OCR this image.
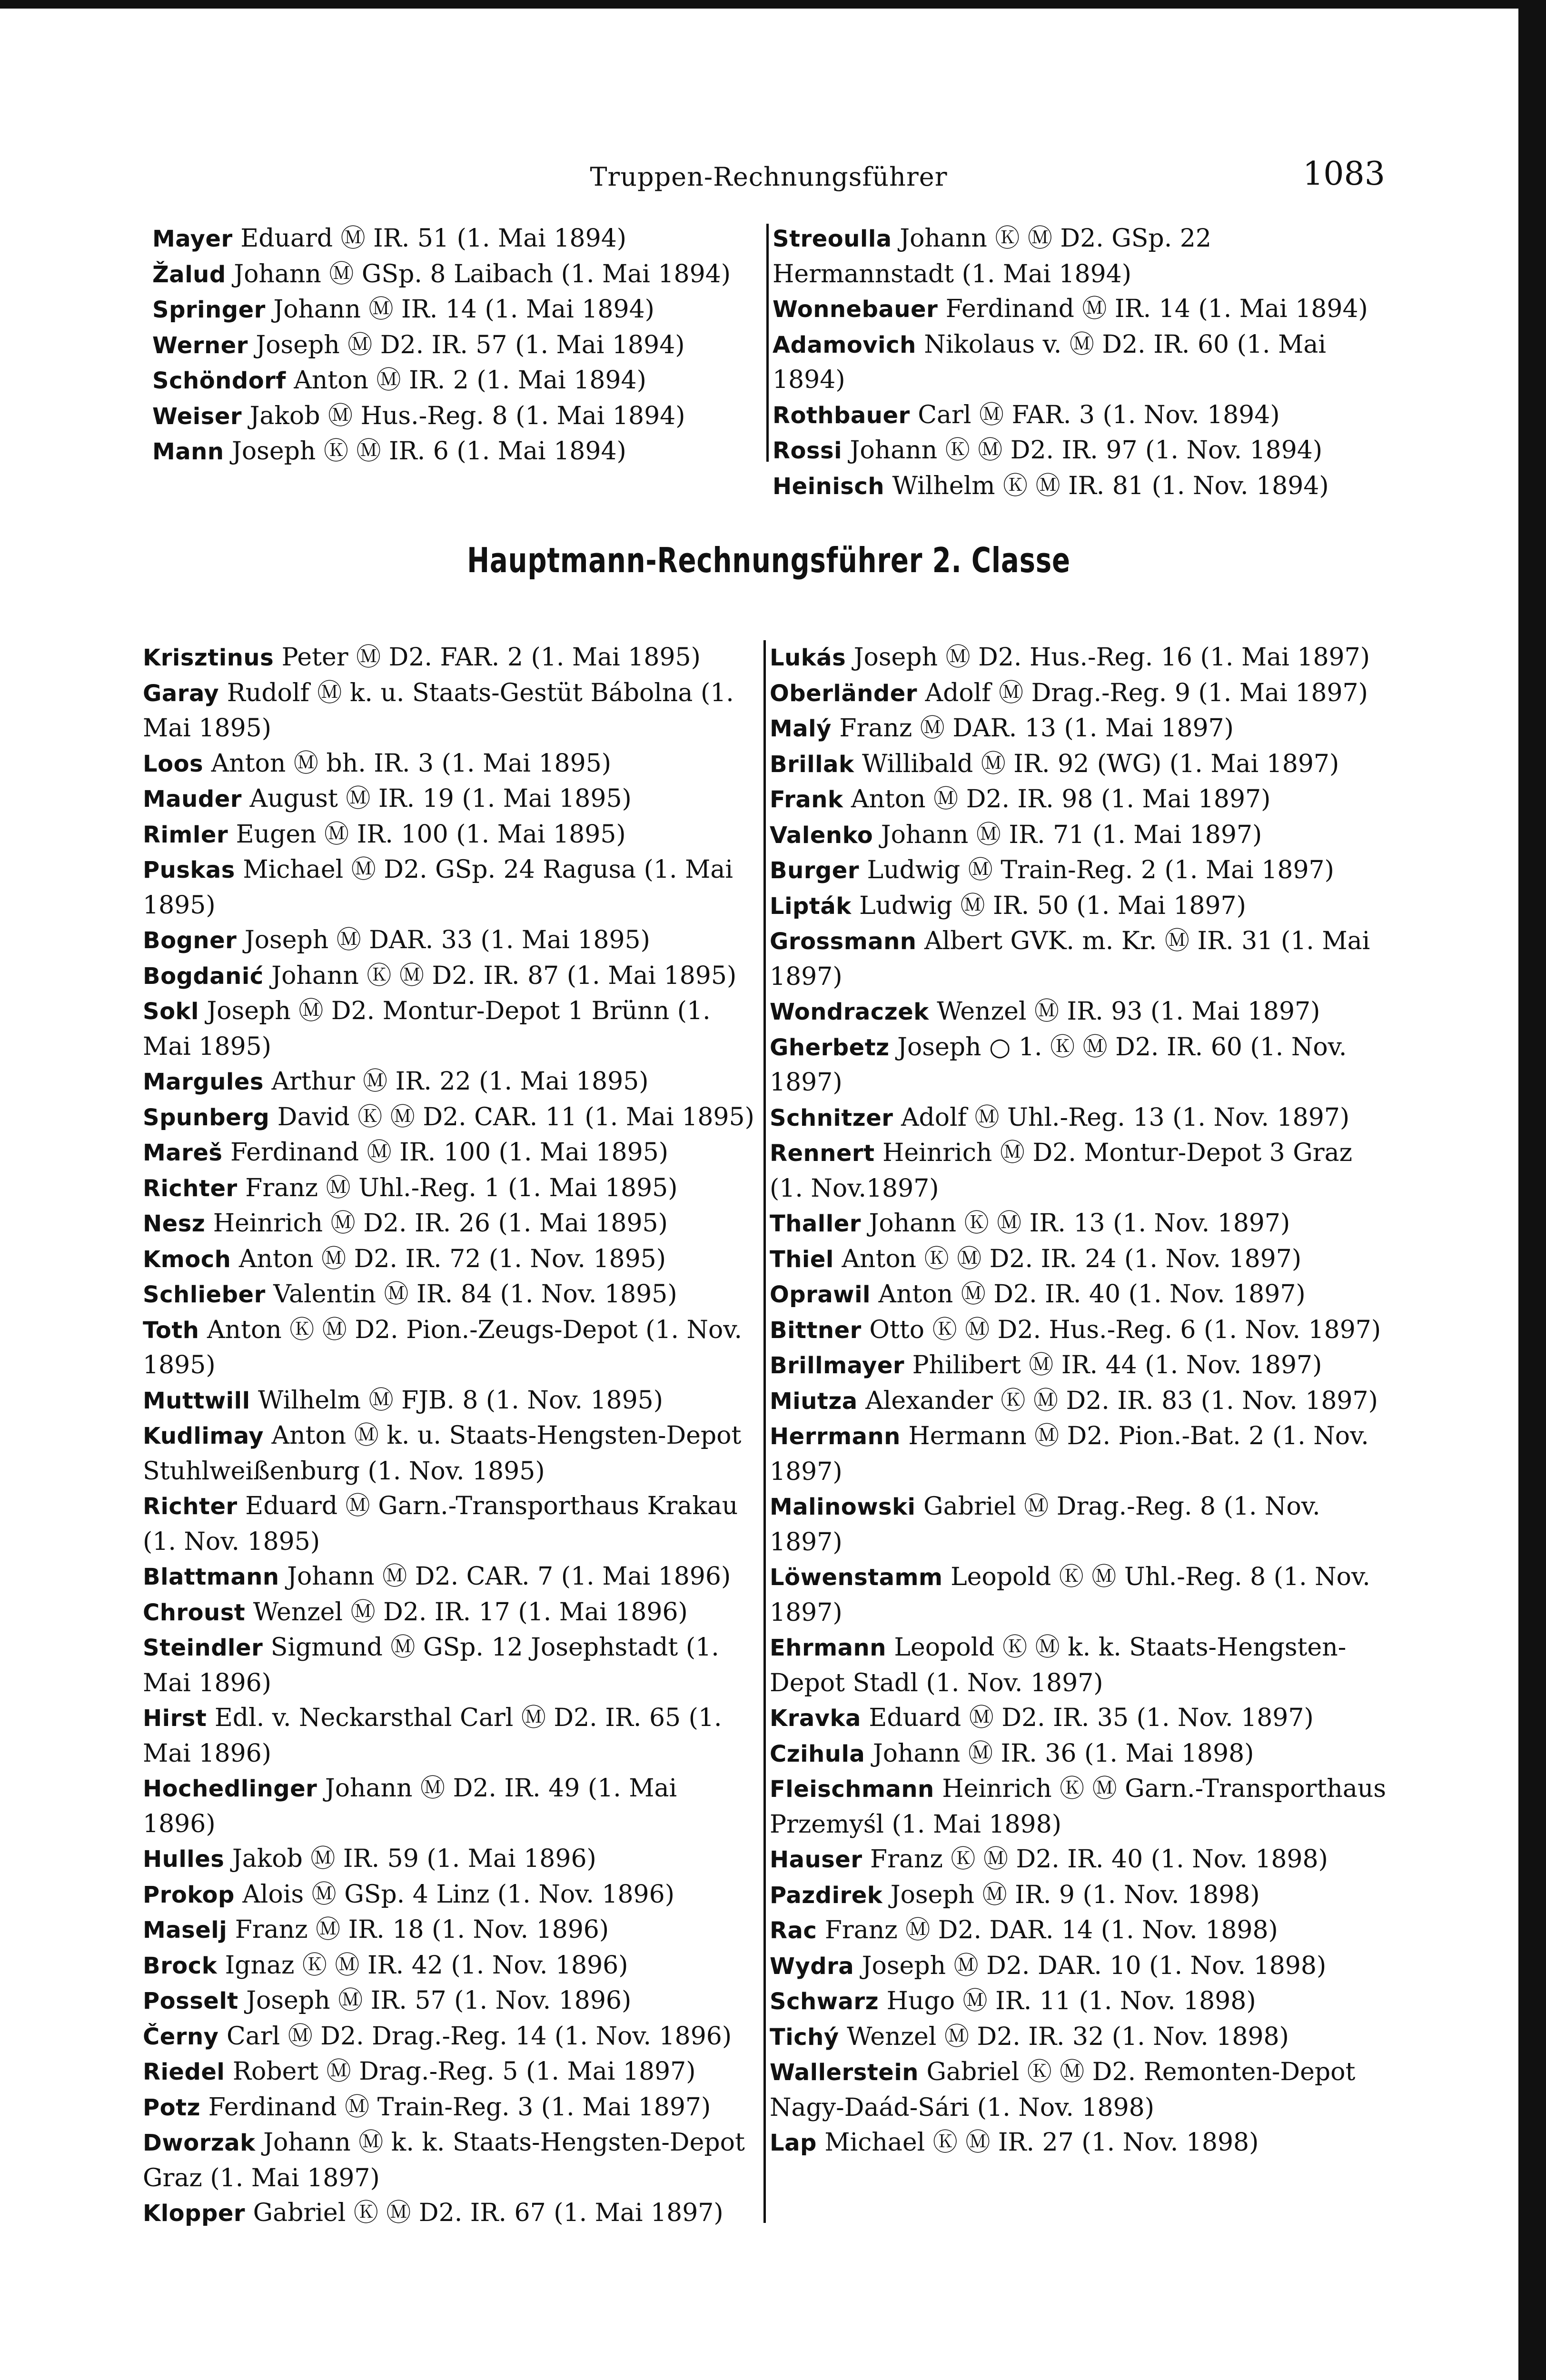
Truppen-Rechnungsführer	1083
Mayer Eduard Ⓜ IR. 51 (1. Mai 1894)
Žalud Johann Ⓜ GSp. 8 Laibach (1. Mai 1894)
Springer Johann Ⓜ IR. 14 (1. Mai 1894)
Werner Joseph Ⓜ D2. IR. 57 (1. Mai 1894)
Schöndorf Anton Ⓜ IR. 2 (1. Mai 1894)
Weiser Jakob Ⓜ Hus.-Reg. 8 (1. Mai 1894)
Mann Joseph Ⓚ Ⓜ IR. 6 (1. Mai 1894)
Streoulla Johann Ⓚ Ⓜ D2. GSp. 22 Hermannstadt (1. Mai 1894)
Wonnebauer Ferdinand Ⓜ IR. 14 (1. Mai 1894)
Adamovich Nikolaus v. Ⓜ D2. IR. 60 (1. Mai 1894)
Rothbauer Carl Ⓜ FAR. 3 (1. Nov. 1894)
Rossi Johann Ⓚ Ⓜ D2. IR. 97 (1. Nov. 1894)
Heinisch Wilhelm Ⓚ Ⓜ IR. 81 (1. Nov. 1894)
Hauptmann-Rechnungsführer 2. Classe
Krisztinus Peter Ⓜ D2. FAR. 2 (1. Mai 1895)
Garay Rudolf Ⓜ k. u. Staats-Gestüt Bábolna (1. Mai 1895)
Loos Anton Ⓜ bh. IR. 3 (1. Mai 1895)
Mauder August Ⓜ IR. 19 (1. Mai 1895)
Rimler Eugen Ⓜ IR. 100 (1. Mai 1895)
Puskas Michael Ⓜ D2. GSp. 24 Ragusa (1. Mai 1895)
Bogner Joseph Ⓜ DAR. 33 (1. Mai 1895)
Bogdanić Johann Ⓚ Ⓜ D2. IR. 87 (1. Mai 1895)
Sokl Joseph Ⓜ D2. Montur-Depot 1 Brünn (1. Mai 1895)
Margules Arthur Ⓜ IR. 22 (1. Mai 1895)
Spunberg David Ⓚ Ⓜ D2. CAR. 11 (1. Mai 1895)
Mareš Ferdinand Ⓜ IR. 100 (1. Mai 1895)
Richter Franz Ⓜ Uhl.-Reg. 1 (1. Mai 1895)
Nesz Heinrich Ⓜ D2. IR. 26 (1. Mai 1895)
Kmoch Anton Ⓜ D2. IR. 72 (1. Nov. 1895)
Schlieber Valentin Ⓜ IR. 84 (1. Nov. 1895)
Toth Anton Ⓚ Ⓜ D2. Pion.-Zeugs-Depot (1. Nov. 1895)
Muttwill Wilhelm Ⓜ FJB. 8 (1. Nov. 1895)
Kudlimay Anton Ⓜ k. u. Staats-Hengsten-Depot Stuhlweißenburg (1. Nov. 1895)
Richter Eduard Ⓜ Garn.-Transporthaus Krakau (1. Nov. 1895)
Blattmann Johann Ⓜ D2. CAR. 7 (1. Mai 1896)
Chroust Wenzel Ⓜ D2. IR. 17 (1. Mai 1896)
Steindler Sigmund Ⓜ GSp. 12 Josephstadt (1. Mai 1896)
Hirst Edl. v. Neckarsthal Carl Ⓜ D2. IR. 65 (1. Mai 1896)
Hochedlinger Johann Ⓜ D2. IR. 49 (1. Mai 1896)
Hulles Jakob Ⓜ IR. 59 (1. Mai 1896)
Prokop Alois Ⓜ GSp. 4 Linz (1. Nov. 1896)
Maselj Franz Ⓜ IR. 18 (1. Nov. 1896)
Brock Ignaz Ⓚ Ⓜ IR. 42 (1. Nov. 1896)
Posselt Joseph Ⓜ IR. 57 (1. Nov. 1896)
Černy Carl Ⓜ D2. Drag.-Reg. 14 (1. Nov. 1896)
Riedel Robert Ⓜ Drag.-Reg. 5 (1. Mai 1897)
Potz Ferdinand Ⓜ Train-Reg. 3 (1. Mai 1897)
Dworzak Johann Ⓜ k. k. Staats-Hengsten-Depot Graz (1. Mai 1897)
Klopper Gabriel Ⓚ Ⓜ D2. IR. 67 (1. Mai 1897)
Lukás Joseph Ⓜ D2. Hus.-Reg. 16 (1. Mai 1897)
Oberländer Adolf Ⓜ Drag.-Reg. 9 (1. Mai 1897)
Malý Franz Ⓜ DAR. 13 (1. Mai 1897)
Brillak Willibald Ⓜ IR. 92 (WG) (1. Mai 1897)
Frank Anton Ⓜ D2. IR. 98 (1. Mai 1897)
Valenko Johann Ⓜ IR. 71 (1. Mai 1897)
Burger Ludwig Ⓜ Train-Reg. 2 (1. Mai 1897)
Lipták Ludwig Ⓜ IR. 50 (1. Mai 1897)
Grossmann Albert GVK. m. Kr. Ⓜ IR. 31 (1. Mai 1897)
Wondraczek Wenzel Ⓜ IR. 93 (1. Mai 1897)
Gherbetz Joseph ○ 1. Ⓚ Ⓜ D2. IR. 60 (1. Nov. 1897)
Schnitzer Adolf Ⓜ Uhl.-Reg. 13 (1. Nov. 1897)
Rennert Heinrich Ⓜ D2. Montur-Depot 3 Graz (1. Nov.1897)
Thaller Johann Ⓚ Ⓜ IR. 13 (1. Nov. 1897)
Thiel Anton Ⓚ Ⓜ D2. IR. 24 (1. Nov. 1897)
Oprawil Anton Ⓜ D2. IR. 40 (1. Nov. 1897)
Bittner Otto Ⓚ Ⓜ D2. Hus.-Reg. 6 (1. Nov. 1897)
Brillmayer Philibert Ⓜ IR. 44 (1. Nov. 1897)
Miutza Alexander Ⓚ Ⓜ D2. IR. 83 (1. Nov. 1897)
Herrmann Hermann Ⓜ D2. Pion.-Bat. 2 (1. Nov. 1897)
Malinowski Gabriel Ⓜ Drag.-Reg. 8 (1. Nov. 1897)
Löwenstamm Leopold Ⓚ Ⓜ Uhl.-Reg. 8 (1. Nov. 1897)
Ehrmann Leopold Ⓚ Ⓜ k. k. Staats-Hengsten-Depot Stadl (1. Nov. 1897)
Kravka Eduard Ⓜ D2. IR. 35 (1. Nov. 1897)
Czihula Johann Ⓜ IR. 36 (1. Mai 1898)
Fleischmann Heinrich Ⓚ Ⓜ Garn.-Transporthaus Przemyśl (1. Mai 1898)
Hauser Franz Ⓚ Ⓜ D2. IR. 40 (1. Nov. 1898)
Pazdirek Joseph Ⓜ IR. 9 (1. Nov. 1898)
Rac Franz Ⓜ D2. DAR. 14 (1. Nov. 1898)
Wydra Joseph Ⓜ D2. DAR. 10 (1. Nov. 1898)
Schwarz Hugo Ⓜ IR. 11 (1. Nov. 1898)
Tichý Wenzel Ⓜ D2. IR. 32 (1. Nov. 1898)
Wallerstein Gabriel Ⓚ Ⓜ D2. Remonten-Depot Nagy-Daád-Sári (1. Nov. 1898)
Lap Michael Ⓚ Ⓜ IR. 27 (1. Nov. 1898)
